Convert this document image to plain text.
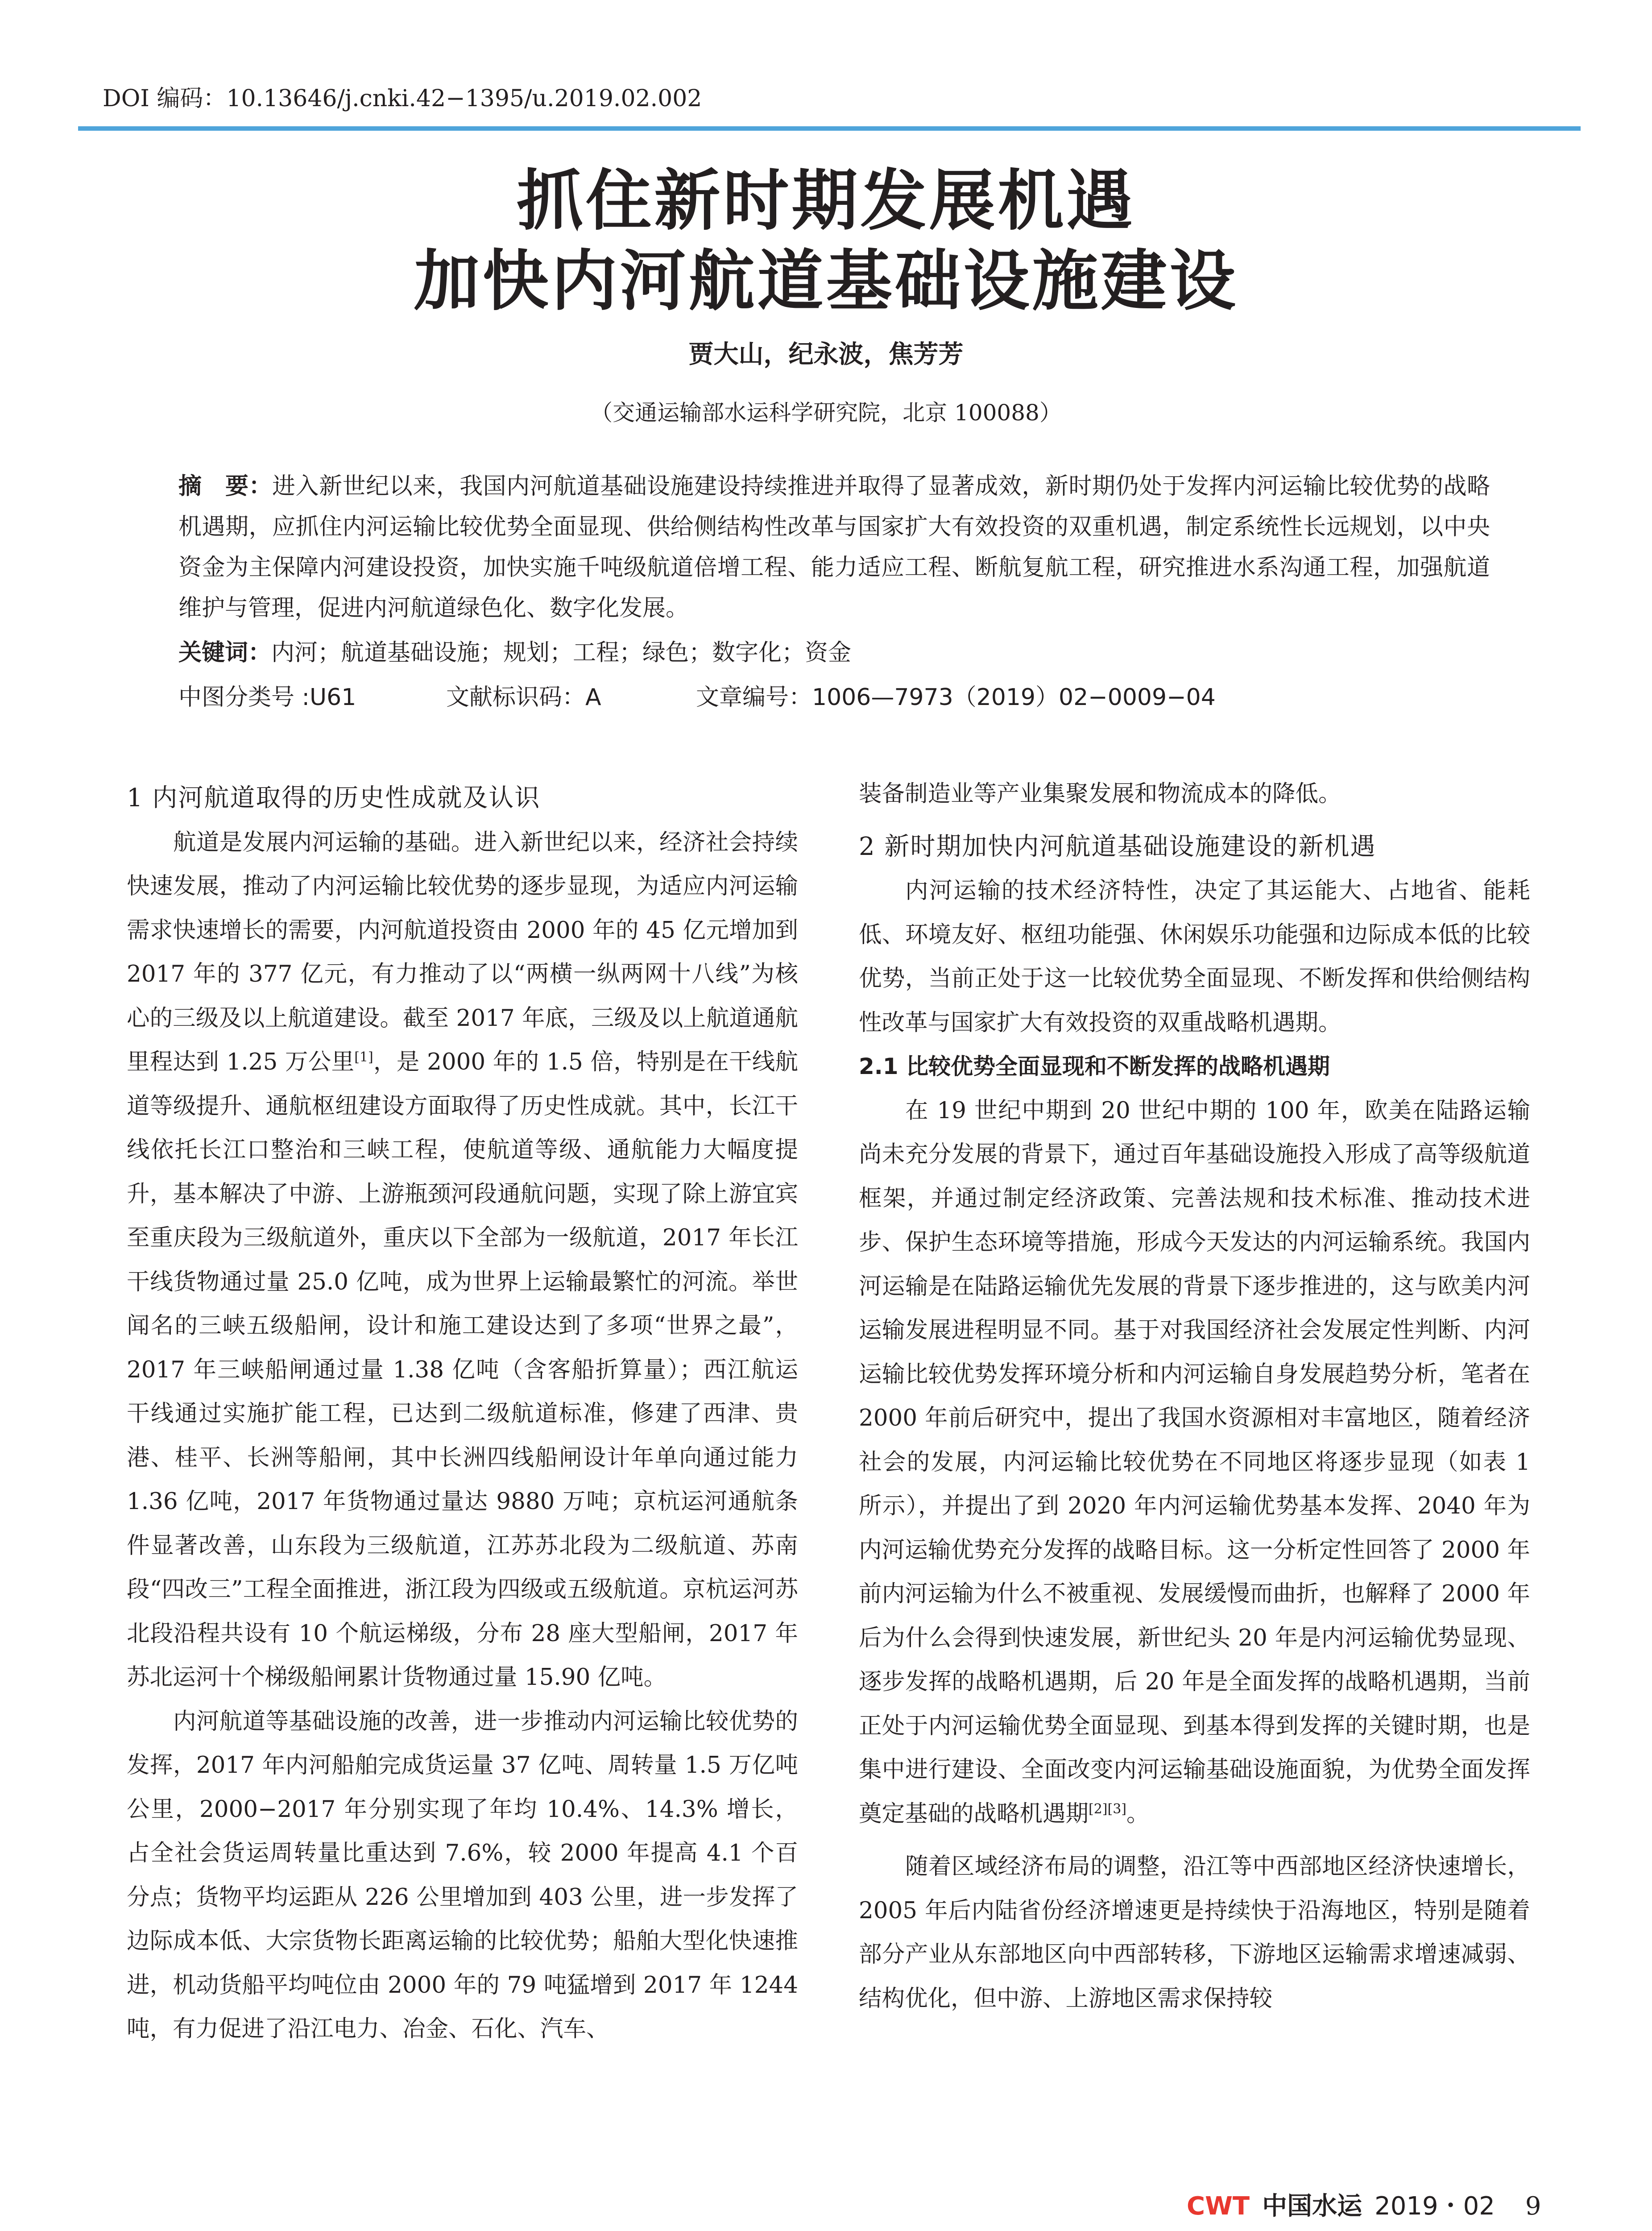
DOI 编码：10.13646/j.cnki.42−1395/u.2019.02.002
抓住新时期发展机遇
加快内河航道基础设施建设
贾大山，纪永波，焦芳芳
（交通运输部水运科学研究院，北京 100088）
摘　要：进入新世纪以来，我国内河航道基础设施建设持续推进并取得了显著成效，新时期仍处于发挥内河运输比较优势的战略机遇期，应抓住内河运输比较优势全面显现、供给侧结构性改革与国家扩大有效投资的双重机遇，制定系统性长远规划，以中央资金为主保障内河建设投资，加快实施千吨级航道倍增工程、能力适应工程、断航复航工程，研究推进水系沟通工程，加强航道维护与管理，促进内河航道绿色化、数字化发展。
关键词：内河；航道基础设施；规划；工程；绿色；数字化；资金
中图分类号 :U61	文献标识码：A	文章编号：1006—7973（2019）02−0009−04
1 内河航道取得的历史性成就及认识

航道是发展内河运输的基础。进入新世纪以来，经济社会持续快速发展，推动了内河运输比较优势的逐步显现，为适应内河运输需求快速增长的需要，内河航道投资由 2000 年的 45 亿元增加到 2017 年的 377 亿元，有力推动了以“两横一纵两网十八线”为核心的三级及以上航道建设。截至 2017 年底，三级及以上航道通航里程达到 1.25 万公里[1]，是 2000 年的 1.5 倍，特别是在干线航道等级提升、通航枢纽建设方面取得了历史性成就。其中，长江干线依托长江口整治和三峡工程，使航道等级、通航能力大幅度提升，基本解决了中游、上游瓶颈河段通航问题，实现了除上游宜宾至重庆段为三级航道外，重庆以下全部为一级航道，2017 年长江干线货物通过量 25.0 亿吨，成为世界上运输最繁忙的河流。举世闻名的三峡五级船闸，设计和施工建设达到了多项“世界之最”，2017 年三峡船闸通过量 1.38 亿吨（含客船折算量）；西江航运干线通过实施扩能工程，已达到二级航道标准，修建了西津、贵港、桂平、长洲等船闸，其中长洲四线船闸设计年单向通过能力 1.36 亿吨，2017 年货物通过量达 9880 万吨；京杭运河通航条件显著改善，山东段为三级航道，江苏苏北段为二级航道、苏南段“四改三”工程全面推进，浙江段为四级或五级航道。京杭运河苏北段沿程共设有 10 个航运梯级，分布 28 座大型船闸，2017 年苏北运河十个梯级船闸累计货物通过量 15.90 亿吨。

内河航道等基础设施的改善，进一步推动内河运输比较优势的发挥，2017 年内河船舶完成货运量 37 亿吨、周转量 1.5 万亿吨公里，2000−2017 年分别实现了年均 10.4%、14.3% 增长，占全社会货运周转量比重达到 7.6%，较 2000 年提高 4.1 个百分点；货物平均运距从 226 公里增加到 403 公里，进一步发挥了边际成本低、大宗货物长距离运输的比较优势；船舶大型化快速推进，机动货船平均吨位由 2000 年的 79 吨猛增到 2017 年 1244 吨，有力促进了沿江电力、冶金、石化、汽车、

装备制造业等产业集聚发展和物流成本的降低。

2 新时期加快内河航道基础设施建设的新机遇

内河运输的技术经济特性，决定了其运能大、占地省、能耗低、环境友好、枢纽功能强、休闲娱乐功能强和边际成本低的比较优势，当前正处于这一比较优势全面显现、不断发挥和供给侧结构性改革与国家扩大有效投资的双重战略机遇期。

2.1 比较优势全面显现和不断发挥的战略机遇期

在 19 世纪中期到 20 世纪中期的 100 年，欧美在陆路运输尚未充分发展的背景下，通过百年基础设施投入形成了高等级航道框架，并通过制定经济政策、完善法规和技术标准、推动技术进步、保护生态环境等措施，形成今天发达的内河运输系统。我国内河运输是在陆路运输优先发展的背景下逐步推进的，这与欧美内河运输发展进程明显不同。基于对我国经济社会发展定性判断、内河运输比较优势发挥环境分析和内河运输自身发展趋势分析，笔者在 2000 年前后研究中，提出了我国水资源相对丰富地区，随着经济社会的发展，内河运输比较优势在不同地区将逐步显现（如表 1 所示），并提出了到 2020 年内河运输优势基本发挥、2040 年为内河运输优势充分发挥的战略目标。这一分析定性回答了 2000 年前内河运输为什么不被重视、发展缓慢而曲折，也解释了 2000 年后为什么会得到快速发展，新世纪头 20 年是内河运输优势显现、逐步发挥的战略机遇期，后 20 年是全面发挥的战略机遇期，当前正处于内河运输优势全面显现、到基本得到发挥的关键时期，也是集中进行建设、全面改变内河运输基础设施面貌，为优势全面发挥奠定基础的战略机遇期[2][3]。

随着区域经济布局的调整，沿江等中西部地区经济快速增长，2005 年后内陆省份经济增速更是持续快于沿海地区，特别是随着部分产业从东部地区向中西部转移，下游地区运输需求增速减弱、结构优化，但中游、上游地区需求保持较

CWT 中国水运 2019・02 9
